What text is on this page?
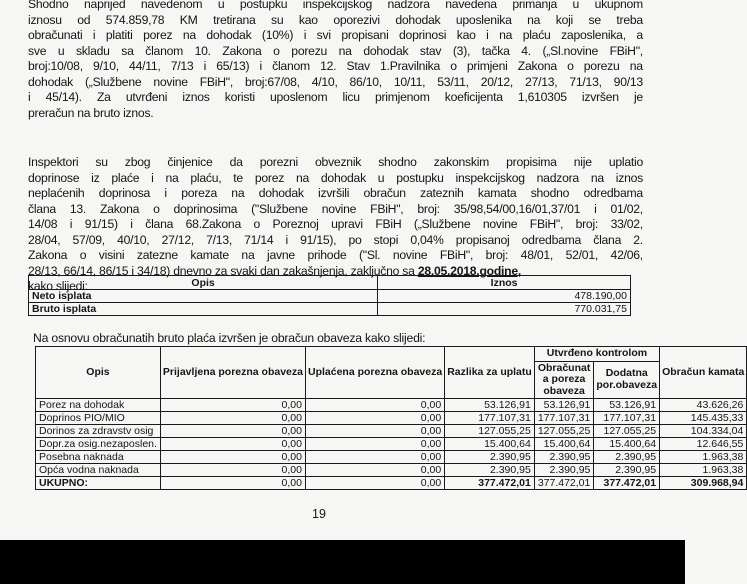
Shodno naprijed navedenom u postupku inspekcijskog nadzora navedena primanja u ukupnom
iznosu od 574.859,78 KM tretirana su kao oporezivi dohodak uposlenika na koji se treba
obračunati i platiti porez na dohodak (10%) i svi propisani doprinosi kao i na plaću zaposlenika, a
sve u skladu sa članom 10. Zakona o porezu na dohodak stav (3), tačka 4. („Sl.novine FBiH",
broj:10/08, 9/10, 44/11, 7/13 i 65/13) i članom 12. Stav 1.Pravilnika o primjeni Zakona o porezu na
dohodak („Službene novine FBiH", broj:67/08, 4/10, 86/10, 10/11, 53/11, 20/12, 27/13, 71/13, 90/13
i 45/14). Za utvrđeni iznos koristi uposlenom licu primjenom koeficijenta 1,610305 izvršen je
preračun na bruto iznos.
Inspektori su zbog činjenice da porezni obveznik shodno zakonskim propisima nije uplatio
doprinose iz plaće i na plaću, te porez na dohodak u postupku inspekcijskog nadzora na iznos
neplaćenih doprinosa i poreza na dohodak izvršili obračun zateznih kamata shodno odredbama
člana 13. Zakona o doprinosima ("Službene novine FBiH", broj: 35/98,54/00,16/01,37/01 i 01/02,
14/08 i 91/15) i člana 68.Zakona o Poreznoj upravi FBiH („Službene novine FBiH", broj: 33/02,
28/04, 57/09, 40/10, 27/12, 7/13, 71/14 i 91/15), po stopi 0,04% propisanoj odredbama člana 2.
Zakona o visini zatezne kamate na javne prihode ("Sl. novine FBiH", broj: 48/01, 52/01, 42/06,
28/13, 66/14, 86/15 i 34/18) dnevno za svaki dan zakašnjenja, zaključno sa 28.05.2018.godine,
kako slijedi:	Opis	Iznos
Neto isplata	478.190,00
Bruto isplata	770.031,75
Na osnovu obračunatih bruto plaća izvršen je obračun obaveza kako slijedi:
Opis	Prijavljena porezna obaveza	Uplaćena porezna obaveza	Razlika za uplatu	Utvrđeno kontrolom		Obračun kamata
				Obračunat a poreza obaveza	Dodatna por.obaveza	
Porez na dohodak	0,00	0,00	53.126,91	53.126,91	53.126,91	43.626,26
Doprinos PIO/MIO	0,00	0,00	177.107,31	177.107,31	177.107,31	145.435,33
Dorinos za zdravstv osig	0,00	0,00	127.055,25	127.055,25	127.055,25	104.334,04
Dopr.za osig.nezaposlen.	0,00	0,00	15.400,64	15.400,64	15.400,64	12.646,55
Posebna naknada	0,00	0,00	2.390,95	2.390,95	2.390,95	1.963,38
Opća vodna naknada	0,00	0,00	2.390,95	2.390,95	2.390,95	1.963,38
UKUPNO:	0,00	0,00	377.472,01	377.472,01	377.472,01	309.968,94
19
